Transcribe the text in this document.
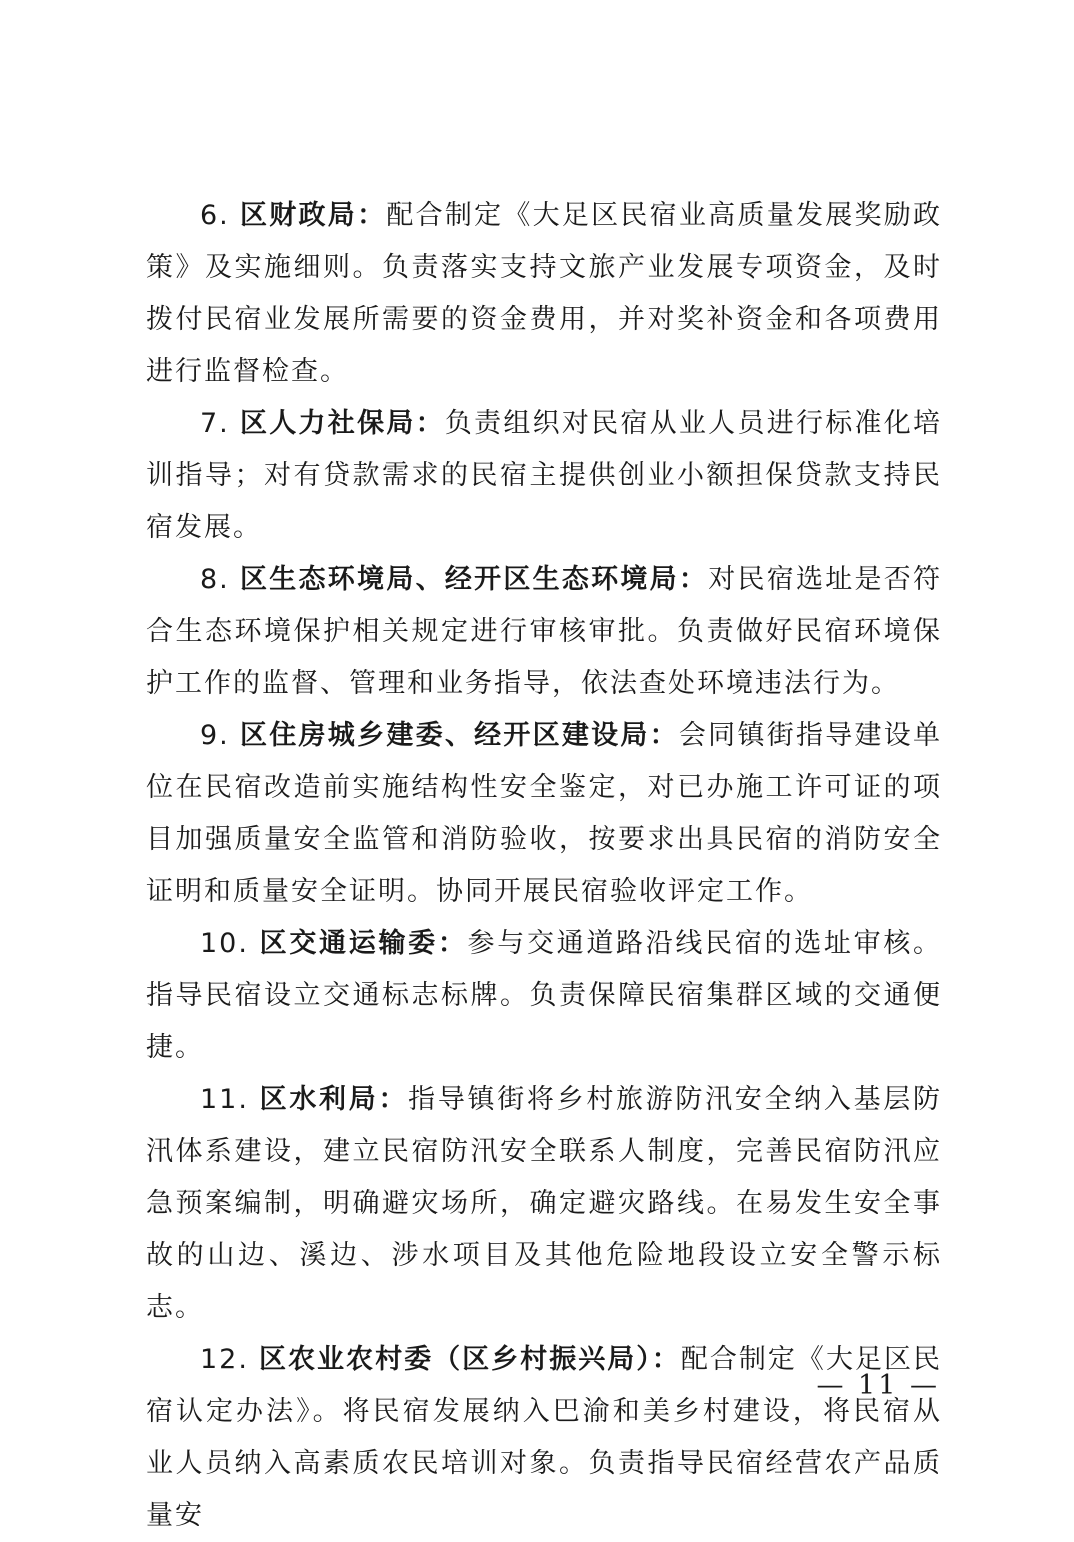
6. 区财政局：配合制定《大足区民宿业高质量发展奖励政策》及实施细则。负责落实支持文旅产业发展专项资金，及时拨付民宿业发展所需要的资金费用，并对奖补资金和各项费用进行监督检查。

7. 区人力社保局：负责组织对民宿从业人员进行标准化培训指导；对有贷款需求的民宿主提供创业小额担保贷款支持民宿发展。

8. 区生态环境局、经开区生态环境局：对民宿选址是否符合生态环境保护相关规定进行审核审批。负责做好民宿环境保护工作的监督、管理和业务指导，依法查处环境违法行为。

9. 区住房城乡建委、经开区建设局：会同镇街指导建设单位在民宿改造前实施结构性安全鉴定，对已办施工许可证的项目加强质量安全监管和消防验收，按要求出具民宿的消防安全证明和质量安全证明。协同开展民宿验收评定工作。

10. 区交通运输委：参与交通道路沿线民宿的选址审核。指导民宿设立交通标志标牌。负责保障民宿集群区域的交通便捷。

11. 区水利局：指导镇街将乡村旅游防汛安全纳入基层防汛体系建设，建立民宿防汛安全联系人制度，完善民宿防汛应急预案编制，明确避灾场所，确定避灾路线。在易发生安全事故的山边、溪边、涉水项目及其他危险地段设立安全警示标志。

12. 区农业农村委（区乡村振兴局）：配合制定《大足区民宿认定办法》。将民宿发展纳入巴渝和美乡村建设，将民宿从业人员纳入高素质农民培训对象。负责指导民宿经营农产品质量安

— 11 —
